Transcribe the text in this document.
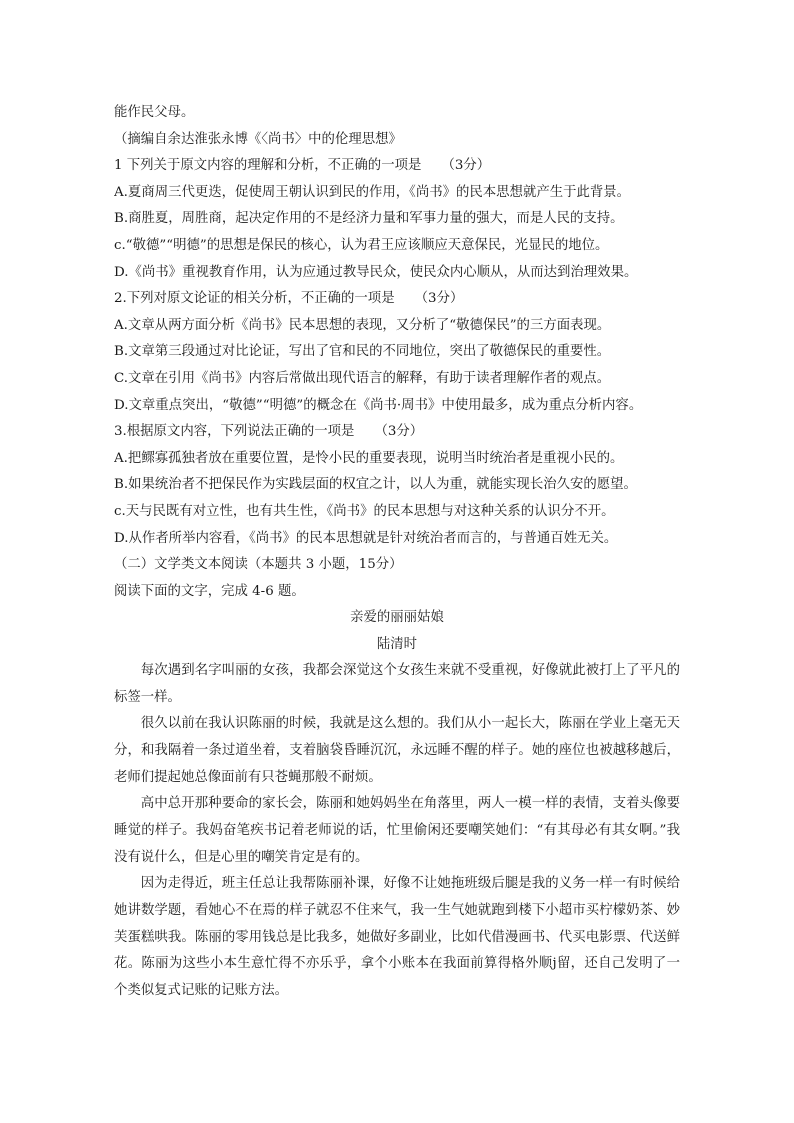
能作民父母。
（摘编自余达淮张永博《〈尚书〉中的伦理思想》
1 下列关于原文内容的理解和分析，不正确的一项是　　（3分）
A.夏商周三代更迭，促使周王朝认识到民的作用，《尚书》的民本思想就产生于此背景。
B.商胜夏，周胜商，起决定作用的不是经济力量和军事力量的强大，而是人民的支持。
c.“敬德”“明德”的思想是保民的核心，认为君王应该顺应天意保民，光显民的地位。
D.《尚书》重视教育作用，认为应通过教导民众，使民众内心顺从，从而达到治理效果。
2.下列对原文论证的相关分析，不正确的一项是　　（3分）
A.文章从两方面分析《尚书》民本思想的表现，又分析了“敬德保民”的三方面表现。
B.文章第三段通过对比论证，写出了官和民的不同地位，突出了敬德保民的重要性。
C.文章在引用《尚书》内容后常做出现代语言的解释，有助于读者理解作者的观点。
D.文章重点突出，“敬德”“明德”的概念在《尚书·周书》中使用最多，成为重点分析内容。
3.根据原文内容，下列说法正确的一项是　　（3分）
A.把鳏寡孤独者放在重要位置，是怜小民的重要表现，说明当时统治者是重视小民的。
B.如果统治者不把保民作为实践层面的权宜之计，以人为重，就能实现长治久安的愿望。
c.天与民既有对立性，也有共生性，《尚书》的民本思想与对这种关系的认识分不开。
D.从作者所举内容看，《尚书》的民本思想就是针对统治者而言的，与普通百姓无关。
（二）文学类文本阅读（本题共 3 小题，15分）
阅读下面的文字，完成 4-6 题。
亲爱的丽丽姑娘
陆清时

每次遇到名字叫丽的女孩，我都会深觉这个女孩生来就不受重视，好像就此被打上了平凡的标签一样。

很久以前在我认识陈丽的时候，我就是这么想的。我们从小一起长大，陈丽在学业上毫无天分，和我隔着一条过道坐着，支着脑袋昏睡沉沉，永远睡不醒的样子。她的座位也被越移越后，老师们提起她总像面前有只苍蝇那般不耐烦。

高中总开那种要命的家长会，陈丽和她妈妈坐在角落里，两人一模一样的表情，支着头像要睡觉的样子。我妈奋笔疾书记着老师说的话，忙里偷闲还要嘲笑她们：“有其母必有其女啊。”我没有说什么，但是心里的嘲笑肯定是有的。

因为走得近，班主任总让我帮陈丽补课，好像不让她拖班级后腿是我的义务一样一有时候给她讲数学题，看她心不在焉的样子就忍不住来气，我一生气她就跑到楼下小超市买柠檬奶茶、妙芙蛋糕哄我。陈丽的零用钱总是比我多，她做好多副业，比如代借漫画书、代买电影票、代送鲜花。陈丽为这些小本生意忙得不亦乐乎，拿个小账本在我面前算得格外顺j留，还自己发明了一个类似复式记账的记账方法。
